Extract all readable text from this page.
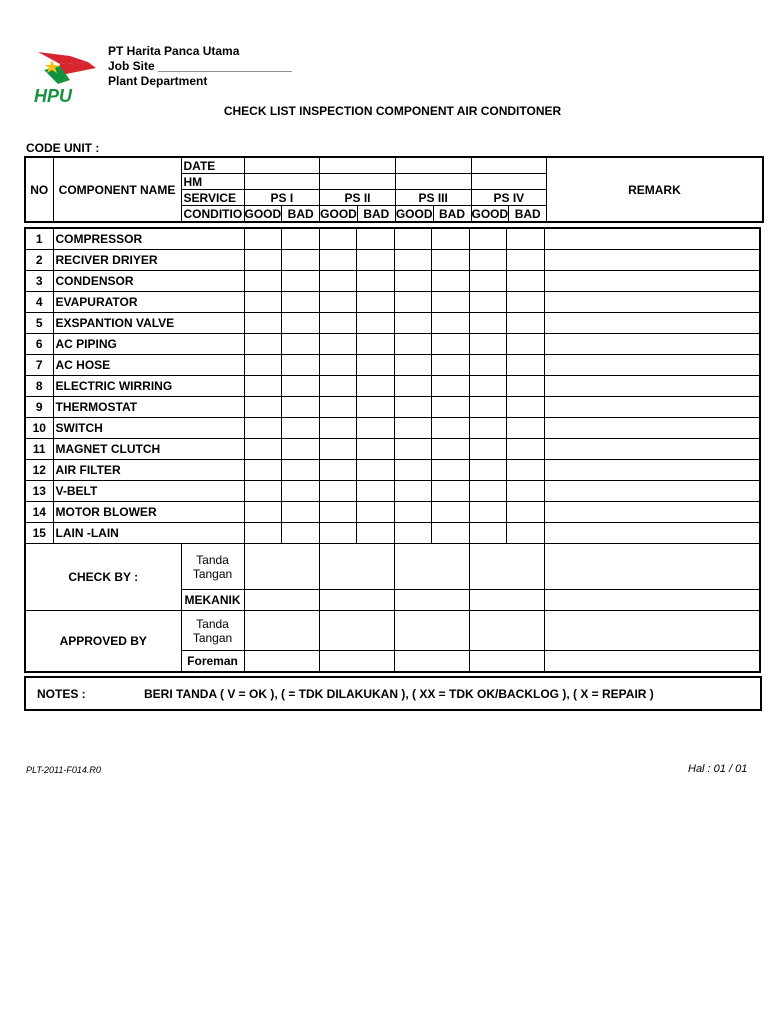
HPU
PT Harita Panca Utama
Job Site ____________________
Plant Department
CHECK LIST INSPECTION COMPONENT AIR CONDITONER
CODE UNIT :
NO	COMPONENT NAME	DATE									REMARK
		HM									
		SERVICE	PS I		PS II		PS III		PS IV		
		CONDITIO	GOOD	BAD	GOOD	BAD	GOOD	BAD	GOOD	BAD	
1	COMPRESSOR										
2	RECIVER DRIYER										
3	CONDENSOR										
4	EVAPURATOR										
5	EXSPANTION VALVE										
6	AC PIPING										
7	AC HOSE										
8	ELECTRIC WIRRING										
9	THERMOSTAT										
10	SWITCH										
11	MAGNET CLUTCH										
12	AIR FILTER										
13	V-BELT										
14	MOTOR BLOWER										
15	LAIN -LAIN										
CHECK BY :		Tanda
Tangan									

		MEKANIK									
APPROVED BY		Tanda
Tangan									

		Foreman									
NOTES :	BERI TANDA ( V = OK ), ( = TDK DILAKUKAN ), ( XX = TDK OK/BACKLOG ), ( X = REPAIR )
PLT-2011-F014.R0	Hal : 01 / 01
